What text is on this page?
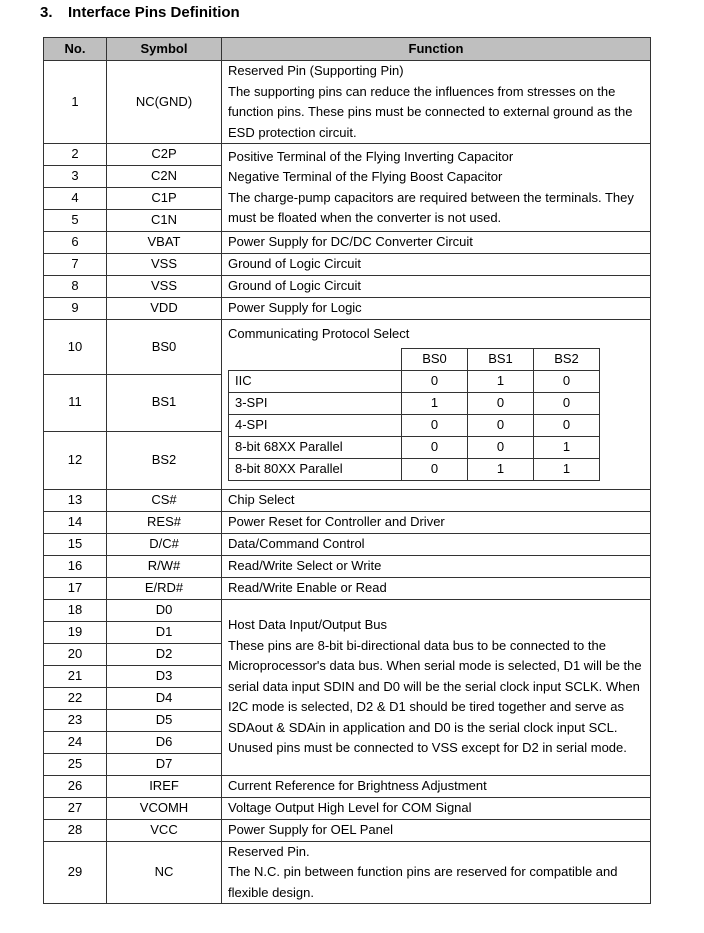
3. Interface Pins Definition
No.	Symbol	Function
1	NC(GND)	
Reserved Pin (Supporting Pin)
The supporting pins can reduce the influences from stresses on the function pins. These pins must be connected to external ground as the ESD protection circuit.

2	C2P	Positive Terminal of the Flying Inverting Capacitor
Negative Terminal of the Flying Boost Capacitor
The charge-pump capacitors are required between the terminals. They must be floated when the converter is not used.

3	C2N
4	C1P
5	C1N
6	VBAT	Power Supply for DC/DC Converter Circuit
7	VSS	Ground of Logic Circuit
8	VSS	Ground of Logic Circuit
9	VDD	Power Supply for Logic
10	BS0	
Communicating Protocol Select
	BS0	BS1	BS2
IIC	0	1	0
3-SPI	1	0	0
4-SPI	0	0	0
8-bit 68XX Parallel	0	0	1
8-bit 80XX Parallel	0	1	1

11	BS1
12	BS2
13	CS#	Chip Select
14	RES#	Power Reset for Controller and Driver
15	D/C#	Data/Command Control
16	R/W#	Read/Write Select or Write
17	E/RD#	Read/Write Enable or Read
18	D0	
Host Data Input/Output Bus
These pins are 8-bit bi-directional data bus to be connected to the Microprocessor's data bus. When serial mode is selected, D1 will be the serial data input SDIN and D0 will be the serial clock input SCLK. When I2C mode is selected, D2 & D1 should be tired together and serve as SDAout & SDAin in application and D0 is the serial clock input SCL.
Unused pins must be connected to VSS except for D2 in serial mode.

19	D1
20	D2
21	D3
22	D4
23	D5
24	D6
25	D7
26	IREF	Current Reference for Brightness Adjustment
27	VCOMH	Voltage Output High Level for COM Signal
28	VCC	Power Supply for OEL Panel
29	NC	
Reserved Pin.
The N.C. pin between function pins are reserved for compatible and flexible design.
